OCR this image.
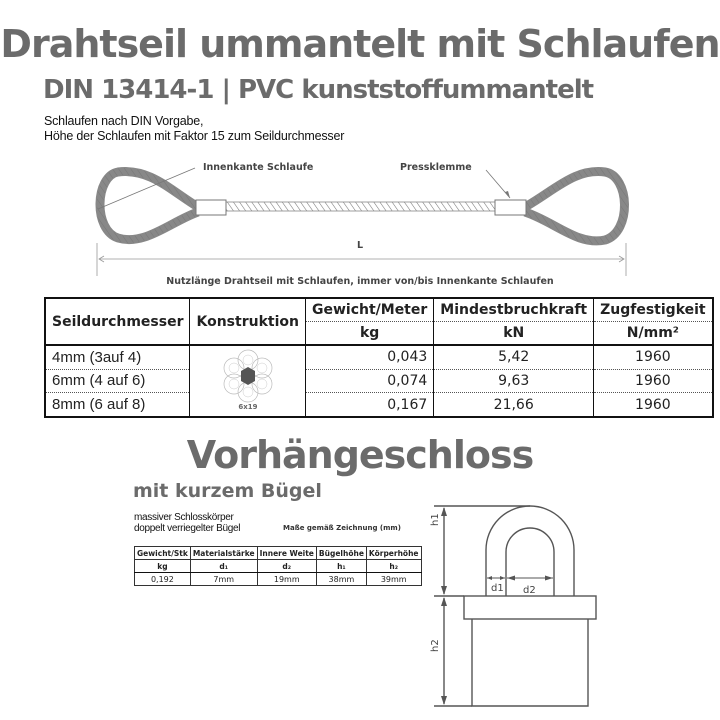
Drahtseil ummantelt mit Schlaufen
DIN 13414-1 | PVC kunststoffummantelt
Schlaufen nach DIN Vorgabe,
Höhe der Schlaufen mit Faktor 15 zum Seildurchmesser
Innenkante Schlaufe	Pressklemme
L
Nutzlänge Drahtseil mit Schlaufen, immer von/bis Innenkante Schlaufen
Seildurchmesser	Konstruktion	Gewicht/Meter	Mindestbruchkraft	Zugfestigkeit
		kg	kN	N/mm²
4mm (3auf 4)	6x19	0,043	5,42	1960
6mm (4 auf 6)		0,074	9,63	1960
8mm (6 auf 8)		0,167	21,66	1960
Vorhängeschloss
mit kurzem Bügel
massiver Schlosskörper
doppelt verriegelter Bügel	Maße gemäß Zeichnung (mm)
Gewicht/Stk	Materialstärke	Innere Weite	Bügelhöhe	Körperhöhe
kg	d₁	d₂	h₁	h₂
0,192	7mm	19mm	38mm	39mm
d1 d2
h1
h2
